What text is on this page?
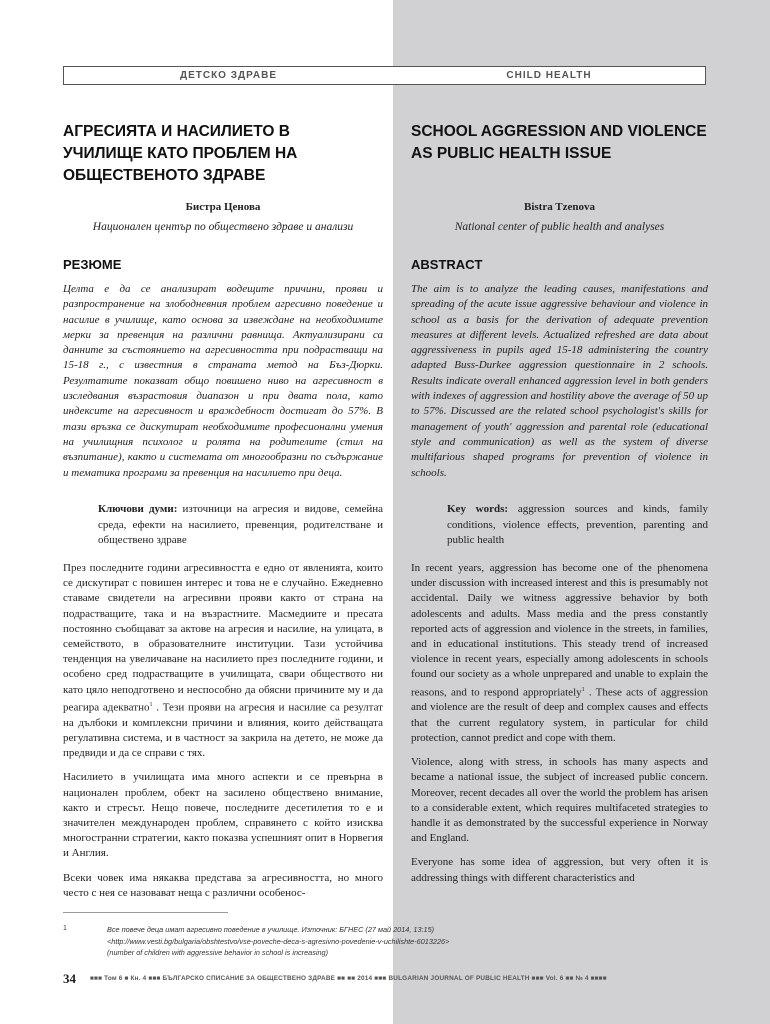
ДЕТСКО ЗДРАВЕ	CHILD HEALTH
АГРЕСИЯТА И НАСИЛИЕТО В УЧИЛИЩЕ КАТО ПРОБЛЕМ НА ОБЩЕСТВЕНОТО ЗДРАВЕ
Бистра Ценова
Национален център по обществено здраве и анализи
РЕЗЮМЕ

Целта е да се анализират водещите причини, прояви и разпространение на злободневния проблем агресивно поведение и насилие в училище, като основа за извеждане на необходимите мерки за превенция на различни равнища. Актуализирани са данните за състоянието на агресивността при подрастващи на 15-18 г., с известния в страната метод на Бъз-Дюрки. Резултатите показват общо повишено ниво на агресивност в изследвания възрастовия диапазон и при двата пола, като индексите на агресивност и враждебност достигат до 57%. В тази връзка се дискутират необходимите професионални умения на училищния психолог и ролята на родителите (стил на възпитание), както и системата от многообразни по съдържание и тематика програми за превенция на насилието при деца.

Ключови думи: източници на агресия и видове, семейна среда, ефекти на насилието, превенция, родителстване и обществено здраве

През последните години агресивността е едно от явленията, които се дискутират с повишен интерес и това не е случайно. Ежедневно ставаме свидетели на агресивни прояви както от страна на подрастващите, така и на възрастните. Масмедиите и пресата постоянно съобщават за актове на агресия и насилие, на улицата, в семейството, в образователните институции. Тази устойчива тенденция на увеличаване на насилието през последните години, и особено сред подрастващите в училищата, свари обществото ни като цяло неподготвено и неспособно да обясни причините му и да реагира адекватно$^1$ . Тези прояви на агресия и насилие са резултат на дълбоки и комплексни причини и влияния, които действащата регулативна система, и в частност за закрила на детето, не може да предвиди и да се справи с тях.

Насилието в училищата има много аспекти и се превърна в национален проблем, обект на засилено обществено внимание, както и стресът. Нещо повече, последните десетилетия то е и значителен международен проблем, справянето с който изисква многостранни стратегии, както показва успешният опит в Норвегия и Англия.

Всеки човек има някаква представа за агресивността, но много често с нея се назовават неща с различни особенос-

SCHOOL AGGRESSION AND VIOLENCE AS PUBLIC HEALTH ISSUE
Bistra Tzenova
National center of public health and analyses
ABSTRACT

The aim is to analyze the leading causes, manifestations and spreading of the acute issue aggressive behaviour and violence in school as a basis for the derivation of adequate prevention measures at different levels. Actualized refreshed are data about aggressiveness in pupils aged 15-18 administering the country adapted Buss-Durkee aggression questionnaire in 2 schools. Results indicate overall enhanced aggression level in both genders with indexes of aggression and hostility above the average of 50 up to 57%. Discussed are the related school psychologist's skills for management of youth' aggression and parental role (educational style and communication) as well as the system of diverse multifarious shaped programs for prevention of violence in schools.

Key words: aggression sources and kinds, family conditions, violence effects, prevention, parenting and public health

In recent years, aggression has become one of the phenomena under discussion with increased interest and this is presumably not accidental. Daily we witness aggressive behavior by both adolescents and adults. Mass media and the press constantly reported acts of aggression and violence in the streets, in families, and in educational institutions. This steady trend of increased violence in recent years, especially among adolescents in schools found our society as a whole unprepared and unable to explain the reasons, and to respond appropriately$^1$ . These acts of aggression and violence are the result of deep and complex causes and effects that the current regulatory system, in particular for child protection, cannot predict and cope with them.

Violence, along with stress, in schools has many aspects and became a national issue, the subject of increased public concern. Moreover, recent decades all over the world the problem has arisen to a considerable extent, which requires multifaceted strategies to handle it as demonstrated by the successful experience in Norway and England.

Everyone has some idea of aggression, but very often it is addressing things with different characteristics and

1	Все повече деца имат агресивно поведение в училище. Източник: БГНЕС (27 май 2014, 13:15)
<http://www.vesti.bg/bulgaria/obshtestvo/vse-poveche-deca-s-agresivno-povedenie-v-uchilishte-6013226>
(number of children with aggressive behavior in school is increasing)

34 ■■■ Том 6 ■ Кн. 4 ■■■ БЪЛГАРСКО СПИСАНИЕ ЗА ОБЩЕСТВЕНО ЗДРАВЕ ■■ ■■ 2014 ■■■ BULGARIAN JOURNAL OF PUBLIC HEALTH ■■■ Vol. 6 ■■ № 4 ■■■■
